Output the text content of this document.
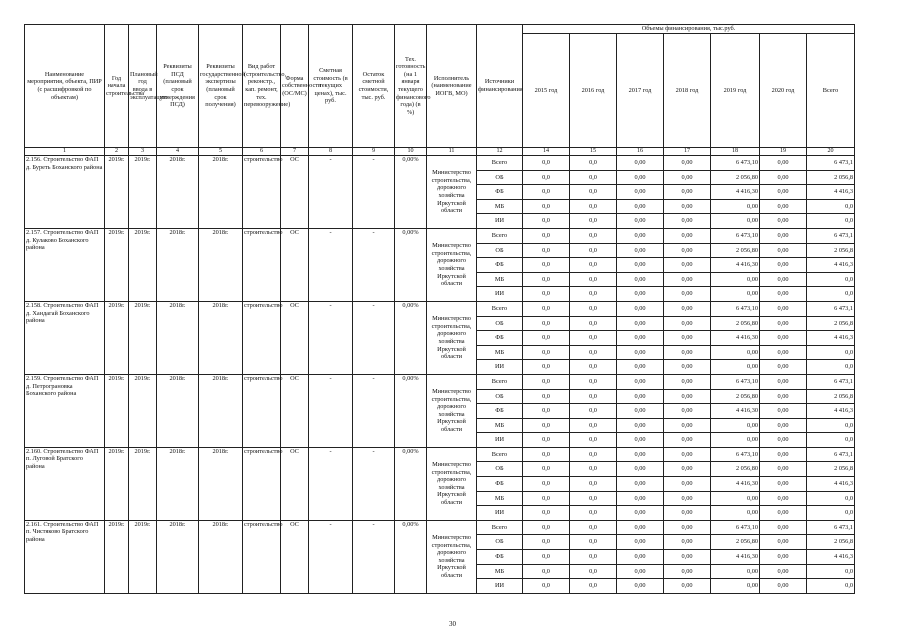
Наименование мероприятия, объекта, ПИР (с расшифровкой по объектам)	Год начала строительства	Плановый год ввода в эксплуатацию	Реквизиты ПСД (плановый срок утверждения ПСД)	Реквизиты государственной экспертизы (плановый срок получения)	Вид работ (строительство, реконстр., кап. ремонт, тех. перевооружение)	Форма собственности (ОС/МС)	Сметная стоимость (в текущих ценах), тыс. руб.	Остаток сметной стоимости, тыс. руб.	Тех. готовность (на 1 января текущего финансового года) (в %)	Исполнитель (наименование ИОГВ, МО)	Источники финансирования	Объемы финансирования, тыс.руб.						
												2015 год	2016 год	2017 год	2018 год	2019 год	2020 год	Всего
1	2	3	4	5	6	7	8	9	10	11	12	14	15	16	17	18	19	20
2.156. Строительство ФАП д. Буреть Боханского района	2019г.	2019г.	2018г.	2018г.	строительство	ОС	-	-	0,00%	Министерство строительства, дорожного хозяйства Иркутской области	Всего	0,0	0,0	0,00	0,00	6 473,10	0,00	6 473,1
											ОБ	0,0	0,0	0,00	0,00	2 056,80	0,00	2 056,8
											ФБ	0,0	0,0	0,00	0,00	4 416,30	0,00	4 416,3
											МБ	0,0	0,0	0,00	0,00	0,00	0,00	0,0
											ИИ	0,0	0,0	0,00	0,00	0,00	0,00	0,0
2.157. Строительство ФАП д. Кулаково Боханского района	2019г.	2019г.	2018г.	2018г.	строительство	ОС	-	-	0,00%	Министерство строительства, дорожного хозяйства Иркутской области	Всего	0,0	0,0	0,00	0,00	6 473,10	0,00	6 473,1
											ОБ	0,0	0,0	0,00	0,00	2 056,80	0,00	2 056,8
											ФБ	0,0	0,0	0,00	0,00	4 416,30	0,00	4 416,3
											МБ	0,0	0,0	0,00	0,00	0,00	0,00	0,0
											ИИ	0,0	0,0	0,00	0,00	0,00	0,00	0,0
2.158. Строительство ФАП д. Хандагай Боханского района	2019г.	2019г.	2018г.	2018г.	строительство	ОС	-	-	0,00%	Министерство строительства, дорожного хозяйства Иркутской области	Всего	0,0	0,0	0,00	0,00	6 473,10	0,00	6 473,1
											ОБ	0,0	0,0	0,00	0,00	2 056,80	0,00	2 056,8
											ФБ	0,0	0,0	0,00	0,00	4 416,30	0,00	4 416,3
											МБ	0,0	0,0	0,00	0,00	0,00	0,00	0,0
											ИИ	0,0	0,0	0,00	0,00	0,00	0,00	0,0
2.159. Строительство ФАП д. Петрограновка Боханского района	2019г.	2019г.	2018г.	2018г.	строительство	ОС	-	-	0,00%	Министерство строительства, дорожного хозяйства Иркутской области	Всего	0,0	0,0	0,00	0,00	6 473,10	0,00	6 473,1
											ОБ	0,0	0,0	0,00	0,00	2 056,80	0,00	2 056,8
											ФБ	0,0	0,0	0,00	0,00	4 416,30	0,00	4 416,3
											МБ	0,0	0,0	0,00	0,00	0,00	0,00	0,0
											ИИ	0,0	0,0	0,00	0,00	0,00	0,00	0,0
2.160. Строительство ФАП п. Луговой Братского района	2019г.	2019г.	2018г.	2018г.	строительство	ОС	-	-	0,00%	Министерство строительства, дорожного хозяйства Иркутской области	Всего	0,0	0,0	0,00	0,00	6 473,10	0,00	6 473,1
											ОБ	0,0	0,0	0,00	0,00	2 056,80	0,00	2 056,8
											ФБ	0,0	0,0	0,00	0,00	4 416,30	0,00	4 416,3
											МБ	0,0	0,0	0,00	0,00	0,00	0,00	0,0
											ИИ	0,0	0,0	0,00	0,00	0,00	0,00	0,0
2.161. Строительство ФАП п. Чистяково Братского района	2019г.	2019г.	2018г.	2018г.	строительство	ОС	-	-	0,00%	Министерство строительства, дорожного хозяйства Иркутской области	Всего	0,0	0,0	0,00	0,00	6 473,10	0,00	6 473,1
											ОБ	0,0	0,0	0,00	0,00	2 056,80	0,00	2 056,8
											ФБ	0,0	0,0	0,00	0,00	4 416,30	0,00	4 416,3
											МБ	0,0	0,0	0,00	0,00	0,00	0,00	0,0
											ИИ	0,0	0,0	0,00	0,00	0,00	0,00	0,0
30
